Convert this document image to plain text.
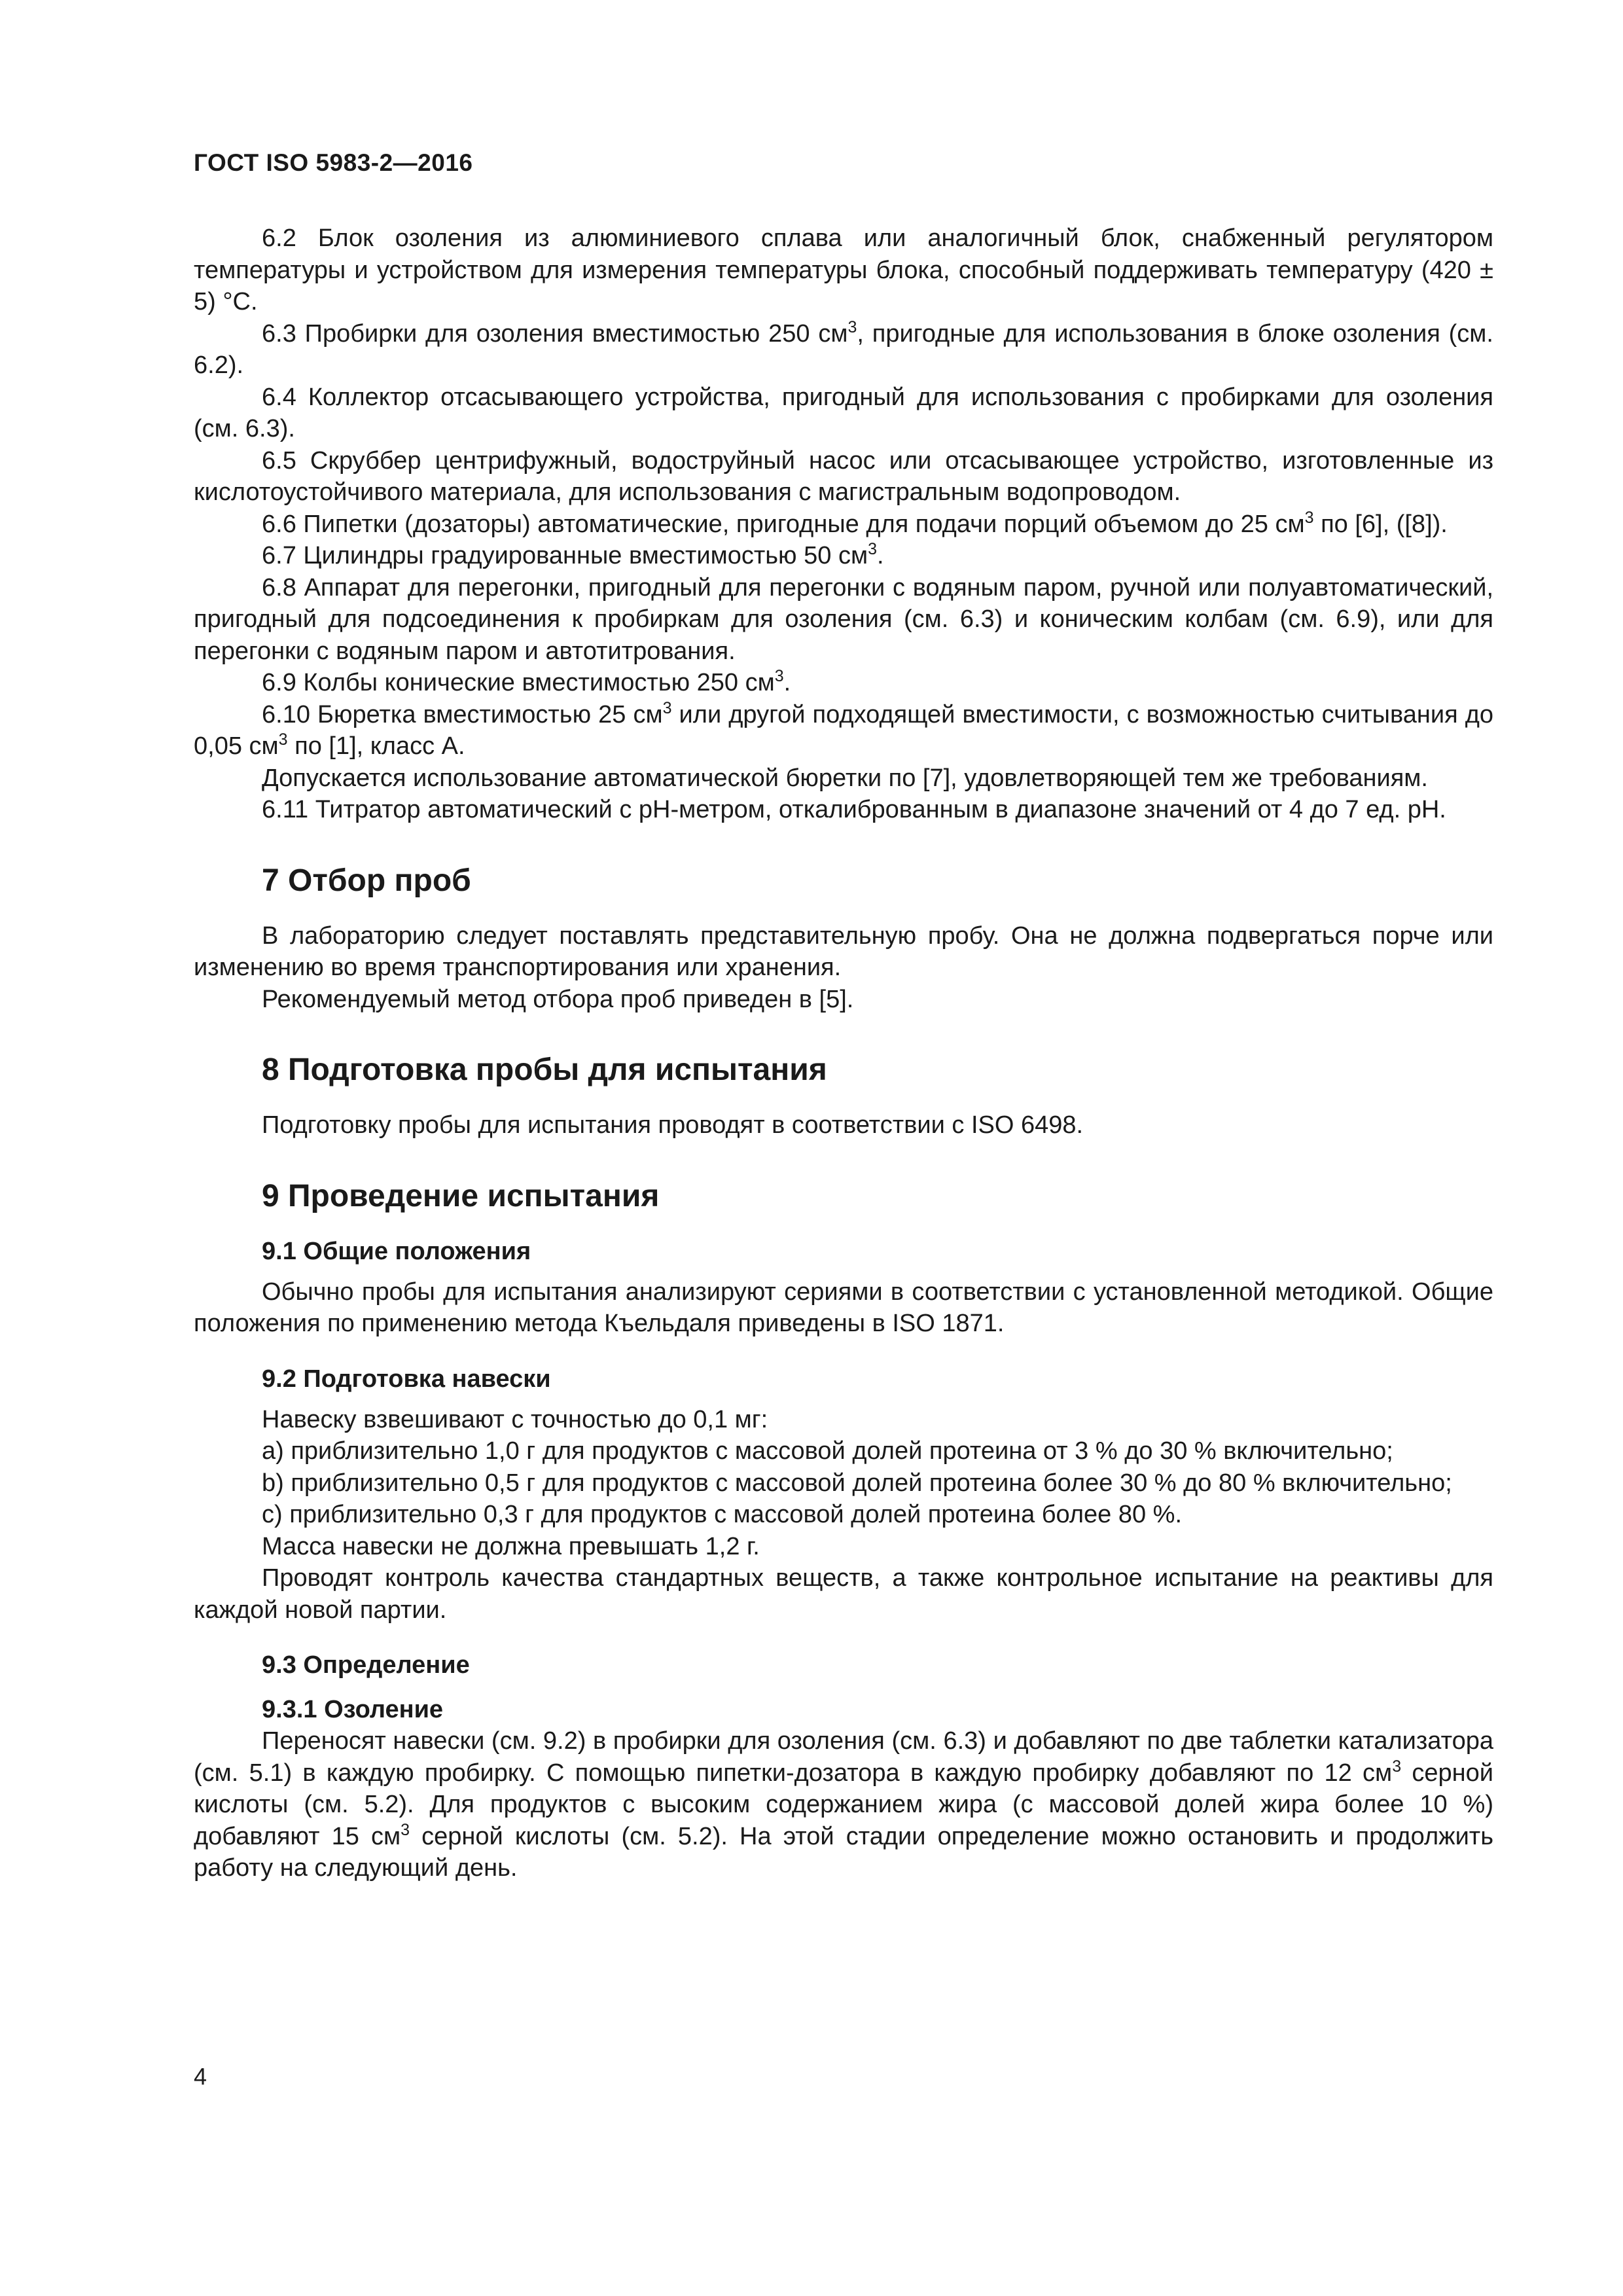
ГОСТ ISO 5983-2—2016

6.2 Блок озоления из алюминиевого сплава или аналогичный блок, снабженный регулятором температуры и устройством для измерения температуры блока, способный поддерживать температуру (420 ± 5) °С.

6.3 Пробирки для озоления вместимостью 250 $см^3$, пригодные для использования в блоке озоления (см. 6.2).

6.4 Коллектор отсасывающего устройства, пригодный для использования с пробирками для озоления (см. 6.3).

6.5 Скруббер центрифужный, водоструйный насос или отсасывающее устройство, изготовленные из кислотоустойчивого материала, для использования с магистральным водопроводом.

6.6 Пипетки (дозаторы) автоматические, пригодные для подачи порций объемом до 25 $см^3$ по [6], ([8]).

6.7 Цилиндры градуированные вместимостью 50 $см^3$.

6.8 Аппарат для перегонки, пригодный для перегонки с водяным паром, ручной или полуавтоматический, пригодный для подсоединения к пробиркам для озоления (см. 6.3) и коническим колбам (см. 6.9), или для перегонки с водяным паром и автотитрования.

6.9 Колбы конические вместимостью 250 $см^3$.

6.10 Бюретка вместимостью 25 $см^3$ или другой подходящей вместимости, с возможностью считывания до 0,05 $см^3$ по [1], класс А.

Допускается использование автоматической бюретки по [7], удовлетворяющей тем же требованиям.

6.11 Титратор автоматический с рН-метром, откалиброванным в диапазоне значений от 4 до 7 ед. рН.

7 Отбор проб

В лабораторию следует поставлять представительную пробу. Она не должна подвергаться порче или изменению во время транспортирования или хранения.

Рекомендуемый метод отбора проб приведен в [5].

8 Подготовка пробы для испытания

Подготовку пробы для испытания проводят в соответствии с ISO 6498.

9 Проведение испытания
9.1 Общие положения

Обычно пробы для испытания анализируют сериями в соответствии с установленной методикой. Общие положения по применению метода Къельдаля приведены в ISO 1871.

9.2 Подготовка навески

Навеску взвешивают с точностью до 0,1 мг:

a) приблизительно 1,0 г для продуктов с массовой долей протеина от 3 % до 30 % включительно;

b) приблизительно 0,5 г для продуктов с массовой долей протеина более 30 % до 80 % включительно;

c) приблизительно 0,3 г для продуктов с массовой долей протеина более 80 %.

Масса навески не должна превышать 1,2 г.

Проводят контроль качества стандартных веществ, а также контрольное испытание на реактивы для каждой новой партии.

9.3 Определение
9.3.1 Озоление

Переносят навески (см. 9.2) в пробирки для озоления (см. 6.3) и добавляют по две таблетки катализатора (см. 5.1) в каждую пробирку. С помощью пипетки-дозатора в каждую пробирку добавляют по 12 $см^3$ серной кислоты (см. 5.2). Для продуктов с высоким содержанием жира (с массовой долей жира более 10 %) добавляют 15 $см^3$ серной кислоты (см. 5.2). На этой стадии определение можно остановить и продолжить работу на следующий день.

4
